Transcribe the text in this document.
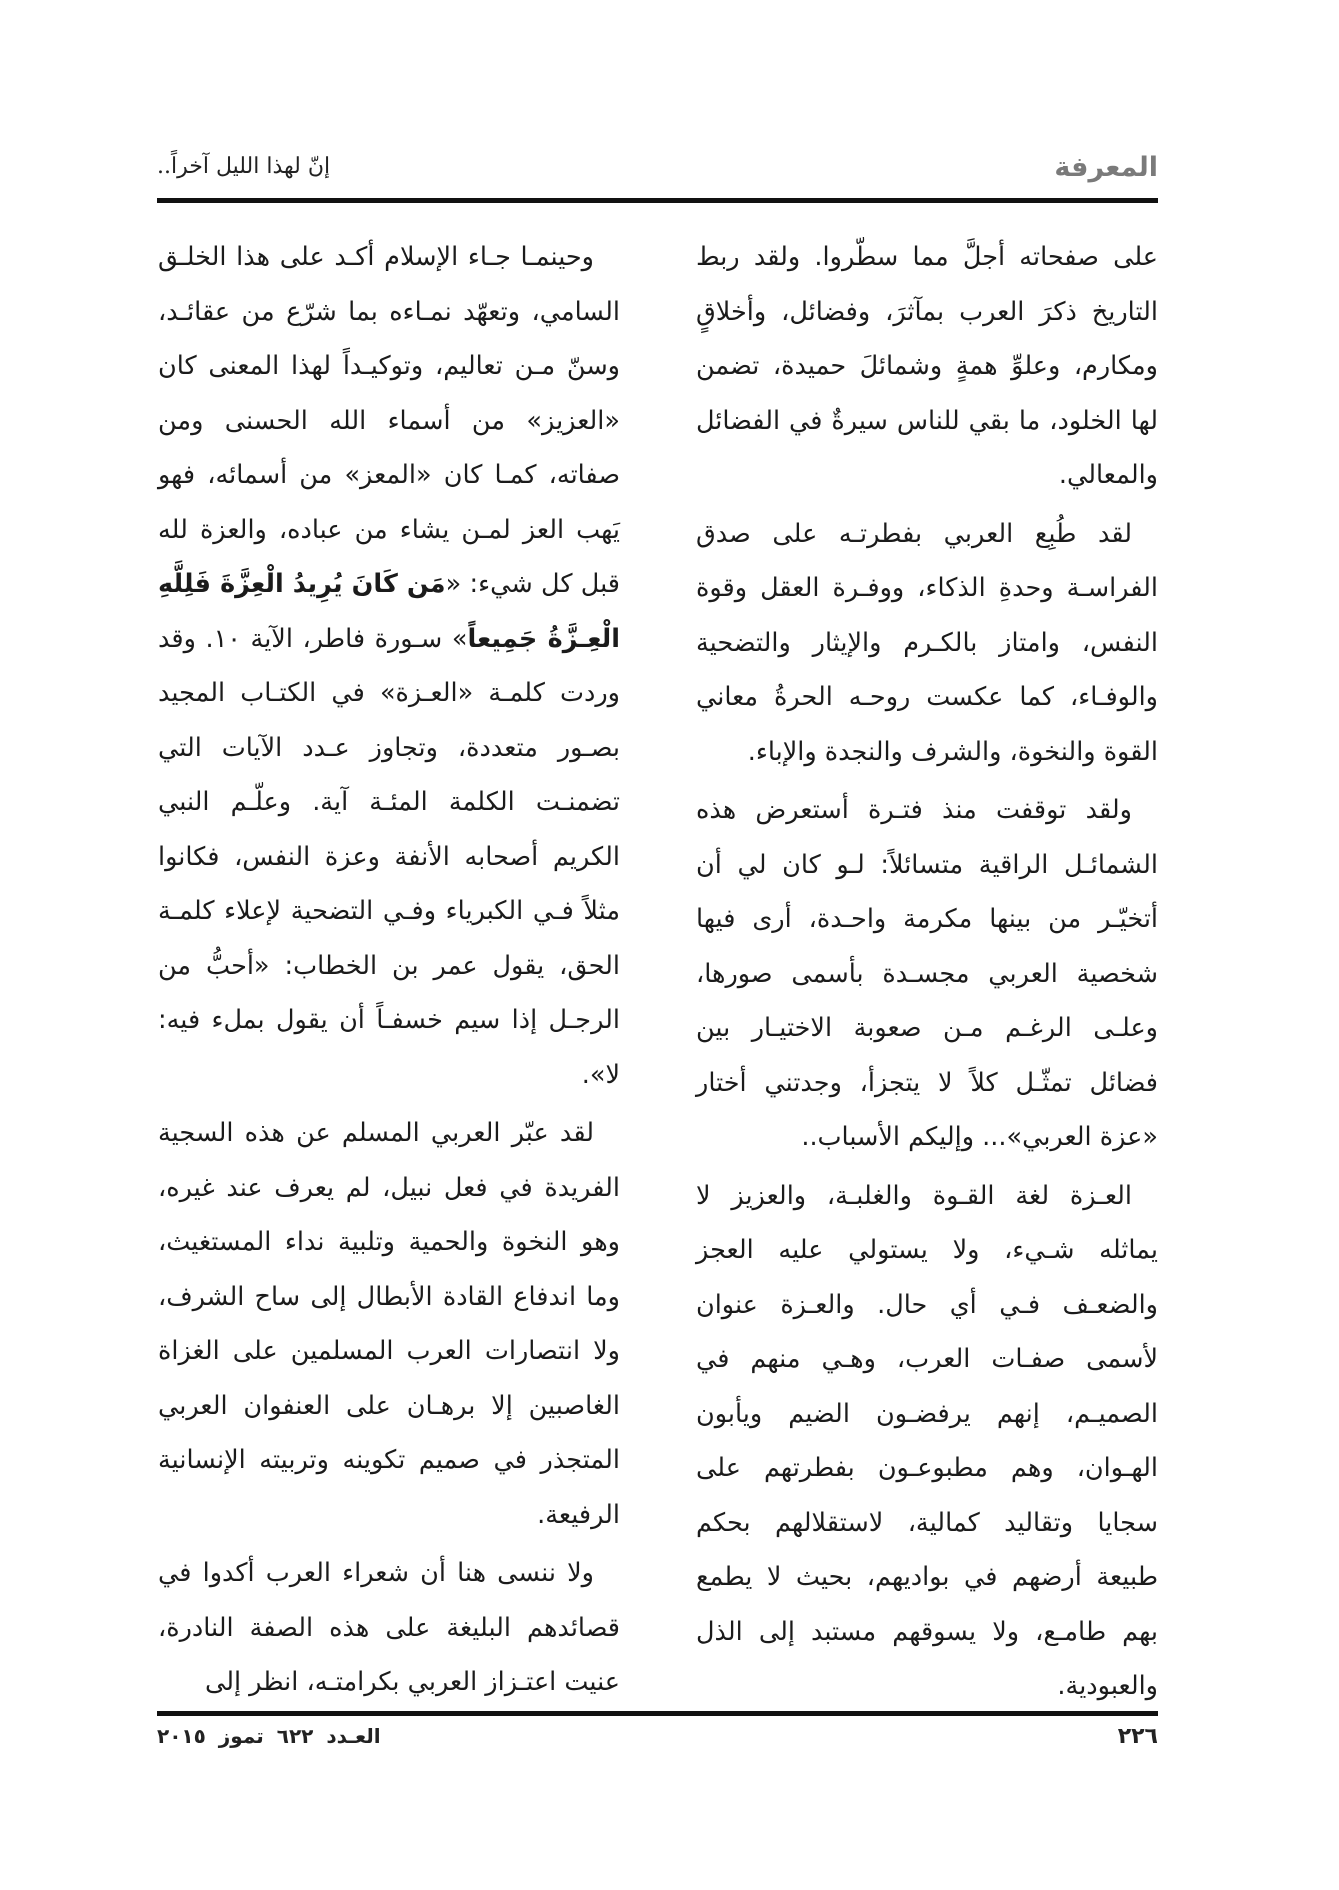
المعرفة
إنّ لهذا الليل آخراً..

على صفحاته أجلَّ مما سطّروا. ولقد ربط التاريخ ذكرَ العرب بمآثرَ، وفضائل، وأخلاقٍ ومكارم، وعلوِّ همةٍ وشمائلَ حميدة، تضمن لها الخلود، ما بقي للناس سيرةٌ في الفضائل والمعالي.

لقد طُبِع العربي بفطرتـه على صدق الفراسـة وحدةِ الذكاء، ووفـرة العقل وقوة النفس، وامتاز بالكـرم والإيثار والتضحية والوفـاء، كما عكست روحـه الحرةُ معاني القوة والنخوة، والشرف والنجدة والإباء.

ولقد توقفت منذ فتـرة أستعرض هذه الشمائـل الراقية متسائلاً: لـو كان لي أن أتخيّـر من بينها مكرمة واحـدة، أرى فيها شخصية العربي مجسـدة بأسمى صورها، وعلـى الرغـم مـن صعوبة الاختيـار بين فضائل تمثّـل كلاً لا يتجزأ، وجدتني أختار «عزة العربي»... وإليكم الأسباب..

العـزة لغة القـوة والغلبـة، والعزيز لا يماثله شـيء، ولا يستولي عليه العجز والضعـف فـي أي حال. والعـزة عنوان لأسمى صفـات العرب، وهـي منهم في الصميـم، إنهم يرفضـون الضيم ويأبون الهـوان، وهم مطبوعـون بفطرتهم على سجايا وتقاليد كمالية، لاستقلالهم بحكم طبيعة أرضهم في بواديهم، بحيث لا يطمع بهم طامـع، ولا يسوقهم مستبد إلى الذل والعبودية.

وحينمـا جـاء الإسلام أكـد على هذا الخلـق السامي، وتعهّد نمـاءه بما شرّع من عقائـد، وسنّ مـن تعاليم، وتوكيـداً لهذا المعنى كان «العزيز» من أسماء الله الحسنى ومن صفاته، كمـا كان «المعز» من أسمائه، فهو يَهب العز لمـن يشاء من عباده، والعزة لله قبل كل شيء: «مَن كَانَ يُرِيدُ الْعِزَّةَ فَلِلَّهِ الْعِـزَّةُ جَمِيعاً» سـورة فاطر، الآية ١٠. وقد وردت كلمـة «العـزة» في الكتـاب المجيد بصـور متعددة، وتجاوز عـدد الآيات التي تضمنـت الكلمة المئـة آية. وعلّـم النبي الكريم أصحابه الأنفة وعزة النفس، فكانوا مثلاً فـي الكبرياء وفـي التضحية لإعلاء كلمـة الحق، يقول عمر بن الخطاب: «أحبُّ من الرجـل إذا سيم خسفـاً أن يقول بملء فيه: لا».

لقد عبّر العربي المسلم عن هذه السجية الفريدة في فعل نبيل، لم يعرف عند غيره، وهو النخوة والحمية وتلبية نداء المستغيث، وما اندفاع القادة الأبطال إلى ساح الشرف، ولا انتصارات العرب المسلمين على الغزاة الغاصبين إلا برهـان على العنفوان العربي المتجذر في صميم تكوينه وتربيته الإنسانية الرفيعة.

ولا ننسى هنا أن شعراء العرب أكدوا في قصائدهم البليغة على هذه الصفة النادرة، عنيت اعتـزاز العربي بكرامتـه، انظر إلى

٢٢٦
العـدد ٦٢٢ تموز ٢٠١٥
